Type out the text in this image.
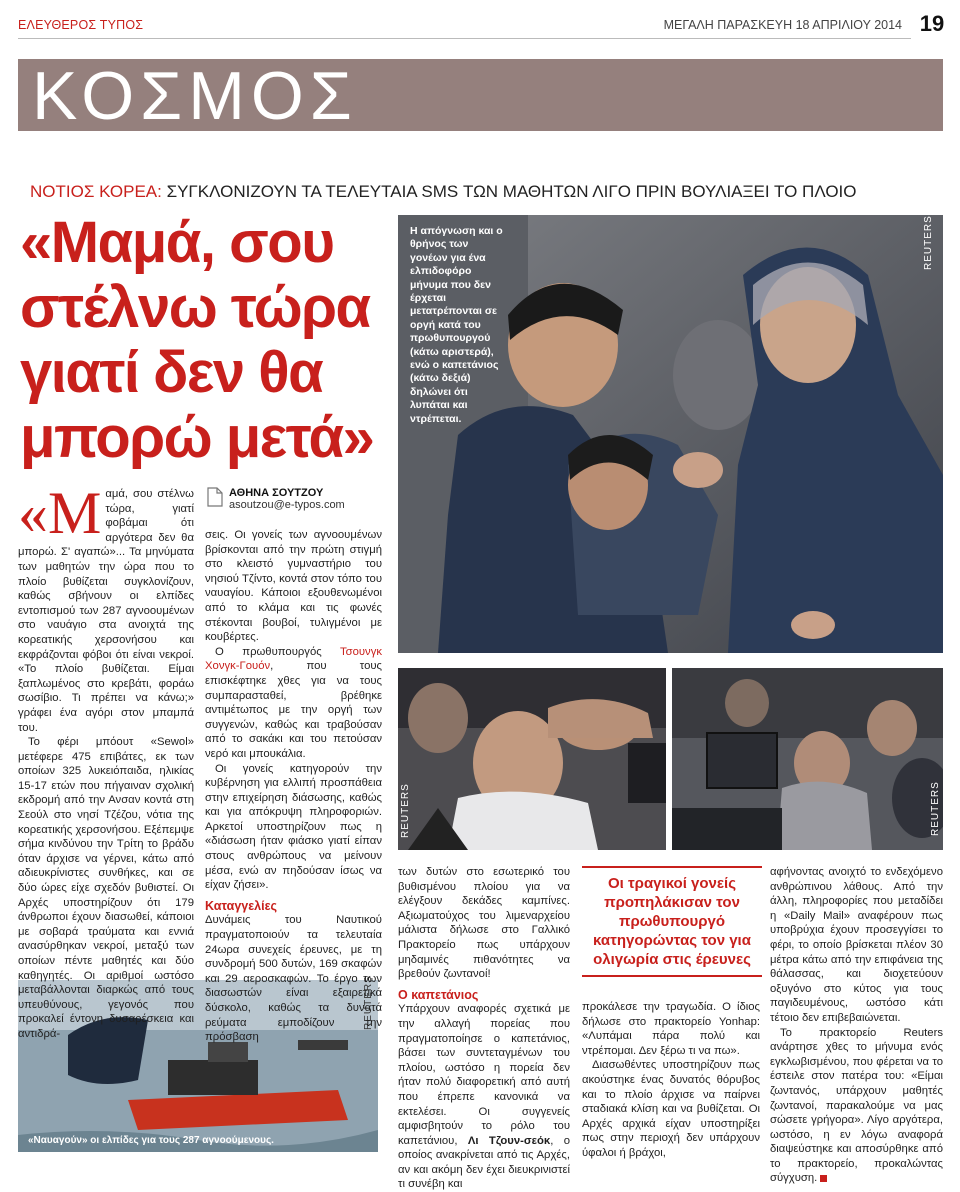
ΕΛΕΥΘΕΡΟΣ ΤΥΠΟΣ	ΜΕΓΑΛΗ ΠΑΡΑΣΚΕΥΗ 18 ΑΠΡΙΛΙΟΥ 2014 19
ΚΟΣΜΟΣ
ΝΟΤΙΟΣ ΚΟΡΕΑ: ΣΥΓΚΛΟΝΙΖΟΥΝ ΤΑ ΤΕΛΕΥΤΑΙΑ SMS ΤΩΝ ΜΑΘΗΤΩΝ ΛΙΓΟ ΠΡΙΝ ΒΟΥΛΙΑΞΕΙ ΤΟ ΠΛΟΙΟ
«Μαμά, σου
στέλνω τώρα
γιατί δεν θα
μπορώ μετά»
Η απόγνωση και ο θρήνος των γονέων για ένα ελπιδοφόρο μήνυμα που δεν έρχεται μετατρέπονται σε οργή κατά του πρωθυπουργού (κάτω αριστερά), ενώ ο καπετάνιος (κάτω δεξιά) δηλώνει ότι λυπάται και ντρέπεται.
REUTERS
REUTERS	REUTERS
«Ναυαγούν» οι ελπίδες για τους 287 αγνοούμενους.
REUTERS
ΑΘΗΝΑ ΣΟΥΤΖΟΥ
asoutzou@e-typos.com

«Μαμά, σου στέλνω τώρα, γιατί φοβάμαι ότι αργότερα δεν θα μπορώ. Σ' αγαπώ»... Τα μηνύματα των μαθητών την ώρα που το πλοίο βυθίζεται συγκλονίζουν, καθώς σβήνουν οι ελπίδες εντοπισμού των 287 αγνοουμένων στο ναυάγιο στα ανοιχτά της κορεατικής χερσονήσου και εκφράζονται φόβοι ότι είναι νεκροί. «Το πλοίο βυθίζεται. Είμαι ξαπλωμένος στο κρεβάτι, φοράω σωσίβιο. Τι πρέπει να κάνω;» γράφει ένα αγόρι στον μπαμπά του.

Το φέρι μπόουτ «Sewol» μετέφερε 475 επιβάτες, εκ των οποίων 325 λυκειόπαιδα, ηλικίας 15-17 ετών που πήγαιναν σχολική εκδρομή από την Ανσαν κοντά στη Σεούλ στο νησί Τζέζου, νότια της κορεατικής χερσονήσου. Εξέπεμψε σήμα κινδύνου την Τρίτη το βράδυ όταν άρχισε να γέρνει, κάτω από αδιευκρίνιστες συνθήκες, και σε δύο ώρες είχε σχεδόν βυθιστεί. Οι Αρχές υποστηρίζουν ότι 179 άνθρωποι έχουν διασωθεί, κάποιοι με σοβαρά τραύματα και εννιά ανασύρθηκαν νεκροί, μεταξύ των οποίων πέντε μαθητές και δύο καθηγητές. Οι αριθμοί ωστόσο μεταβάλλονται διαρκώς από τους υπευθύνους, γεγονός που προκαλεί έντονη δυσαρέσκεια και αντιδρά-

σεις. Οι γονείς των αγνοουμένων βρίσκονται από την πρώτη στιγμή στο κλειστό γυμναστήριο του νησιού Τζίντο, κοντά στον τόπο του ναυαγίου. Κάποιοι εξουθενωμένοι από το κλάμα και τις φωνές στέκονται βουβοί, τυλιγμένοι με κουβέρτες.

Ο πρωθυπουργός Τσουνγκ Χονγκ-Γουόν, που τους επισκέφτηκε χθες για να τους συμπαρασταθεί, βρέθηκε αντιμέτωπος με την οργή των συγγενών, καθώς και τραβούσαν από το σακάκι και του πετούσαν νερό και μπουκάλια.

Οι γονείς κατηγορούν την κυβέρνηση για ελλιπή προσπάθεια στην επιχείρηση διάσωσης, καθώς και για απόκρυψη πληροφοριών. Αρκετοί υποστηρίζουν πως η «διάσωση ήταν φιάσκο γιατί είπαν στους ανθρώπους να μείνουν μέσα, ενώ αν πηδούσαν ίσως να είχαν ζήσει».

Καταγγελίες

Δυνάμεις του Ναυτικού πραγματοποιούν τα τελευταία 24ωρα συνεχείς έρευνες, με τη συνδρομή 500 δυτών, 169 σκαφών και 29 αεροσκαφών. Το έργο των διασωστών είναι εξαιρετικά δύσκολο, καθώς τα δυνατά ρεύματα εμποδίζουν την πρόσβαση

των δυτών στο εσωτερικό του βυθισμένου πλοίου για να ελέγξουν δεκάδες καμπίνες. Αξιωματούχος του λιμεναρχείου μάλιστα δήλωσε στο Γαλλικό Πρακτορείο πως υπάρχουν μηδαμινές πιθανότητες να βρεθούν ζωντανοί!

Ο καπετάνιος

Υπάρχουν αναφορές σχετικά με την αλλαγή πορείας που πραγματοποίησε ο καπετάνιος, βάσει των συντεταγμένων του πλοίου, ωστόσο η πορεία δεν ήταν πολύ διαφορετική από αυτή που έπρεπε κανονικά να εκτελέσει. Οι συγγενείς αμφισβητούν το ρόλο του καπετάνιου, Λι Τζουν-σεόκ, ο οποίος ανακρίνεται από τις Αρχές, αν και ακόμη δεν έχει διευκρινιστεί τι συνέβη και

Οι τραγικοί γονείς προπηλάκισαν τον πρωθυπουργό κατηγορώντας τον για ολιγωρία στις έρευνες

προκάλεσε την τραγωδία. Ο ίδιος δήλωσε στο πρακτορείο Yonhap: «Λυπάμαι πάρα πολύ και ντρέπομαι. Δεν ξέρω τι να πω».

Διασωθέντες υποστηρίζουν πως ακούστηκε ένας δυνατός θόρυβος και το πλοίο άρχισε να παίρνει σταδιακά κλίση και να βυθίζεται. Οι Αρχές αρχικά είχαν υποστηρίξει πως στην περιοχή δεν υπάρχουν ύφαλοι ή βράχοι,

αφήνοντας ανοιχτό το ενδεχόμενο ανθρώπινου λάθους. Από την άλλη, πληροφορίες που μεταδίδει η «Daily Mail» αναφέρουν πως υποβρύχια έχουν προσεγγίσει το φέρι, το οποίο βρίσκεται πλέον 30 μέτρα κάτω από την επιφάνεια της θάλασσας, και διοχετεύουν οξυγόνο στο κύτος για τους παγιδευμένους, ωστόσο κάτι τέτοιο δεν επιβεβαιώνεται.

Το πρακτορείο Reuters ανάρτησε χθες το μήνυμα ενός εγκλωβισμένου, που φέρεται να το έστειλε στον πατέρα του: «Είμαι ζωντανός, υπάρχουν μαθητές ζωντανοί, παρακαλούμε να μας σώσετε γρήγορα». Λίγο αργότερα, ωστόσο, η εν λόγω αναφορά διαψεύστηκε και αποσύρθηκε από το πρακτορείο, προκαλώντας σύγχυση.
